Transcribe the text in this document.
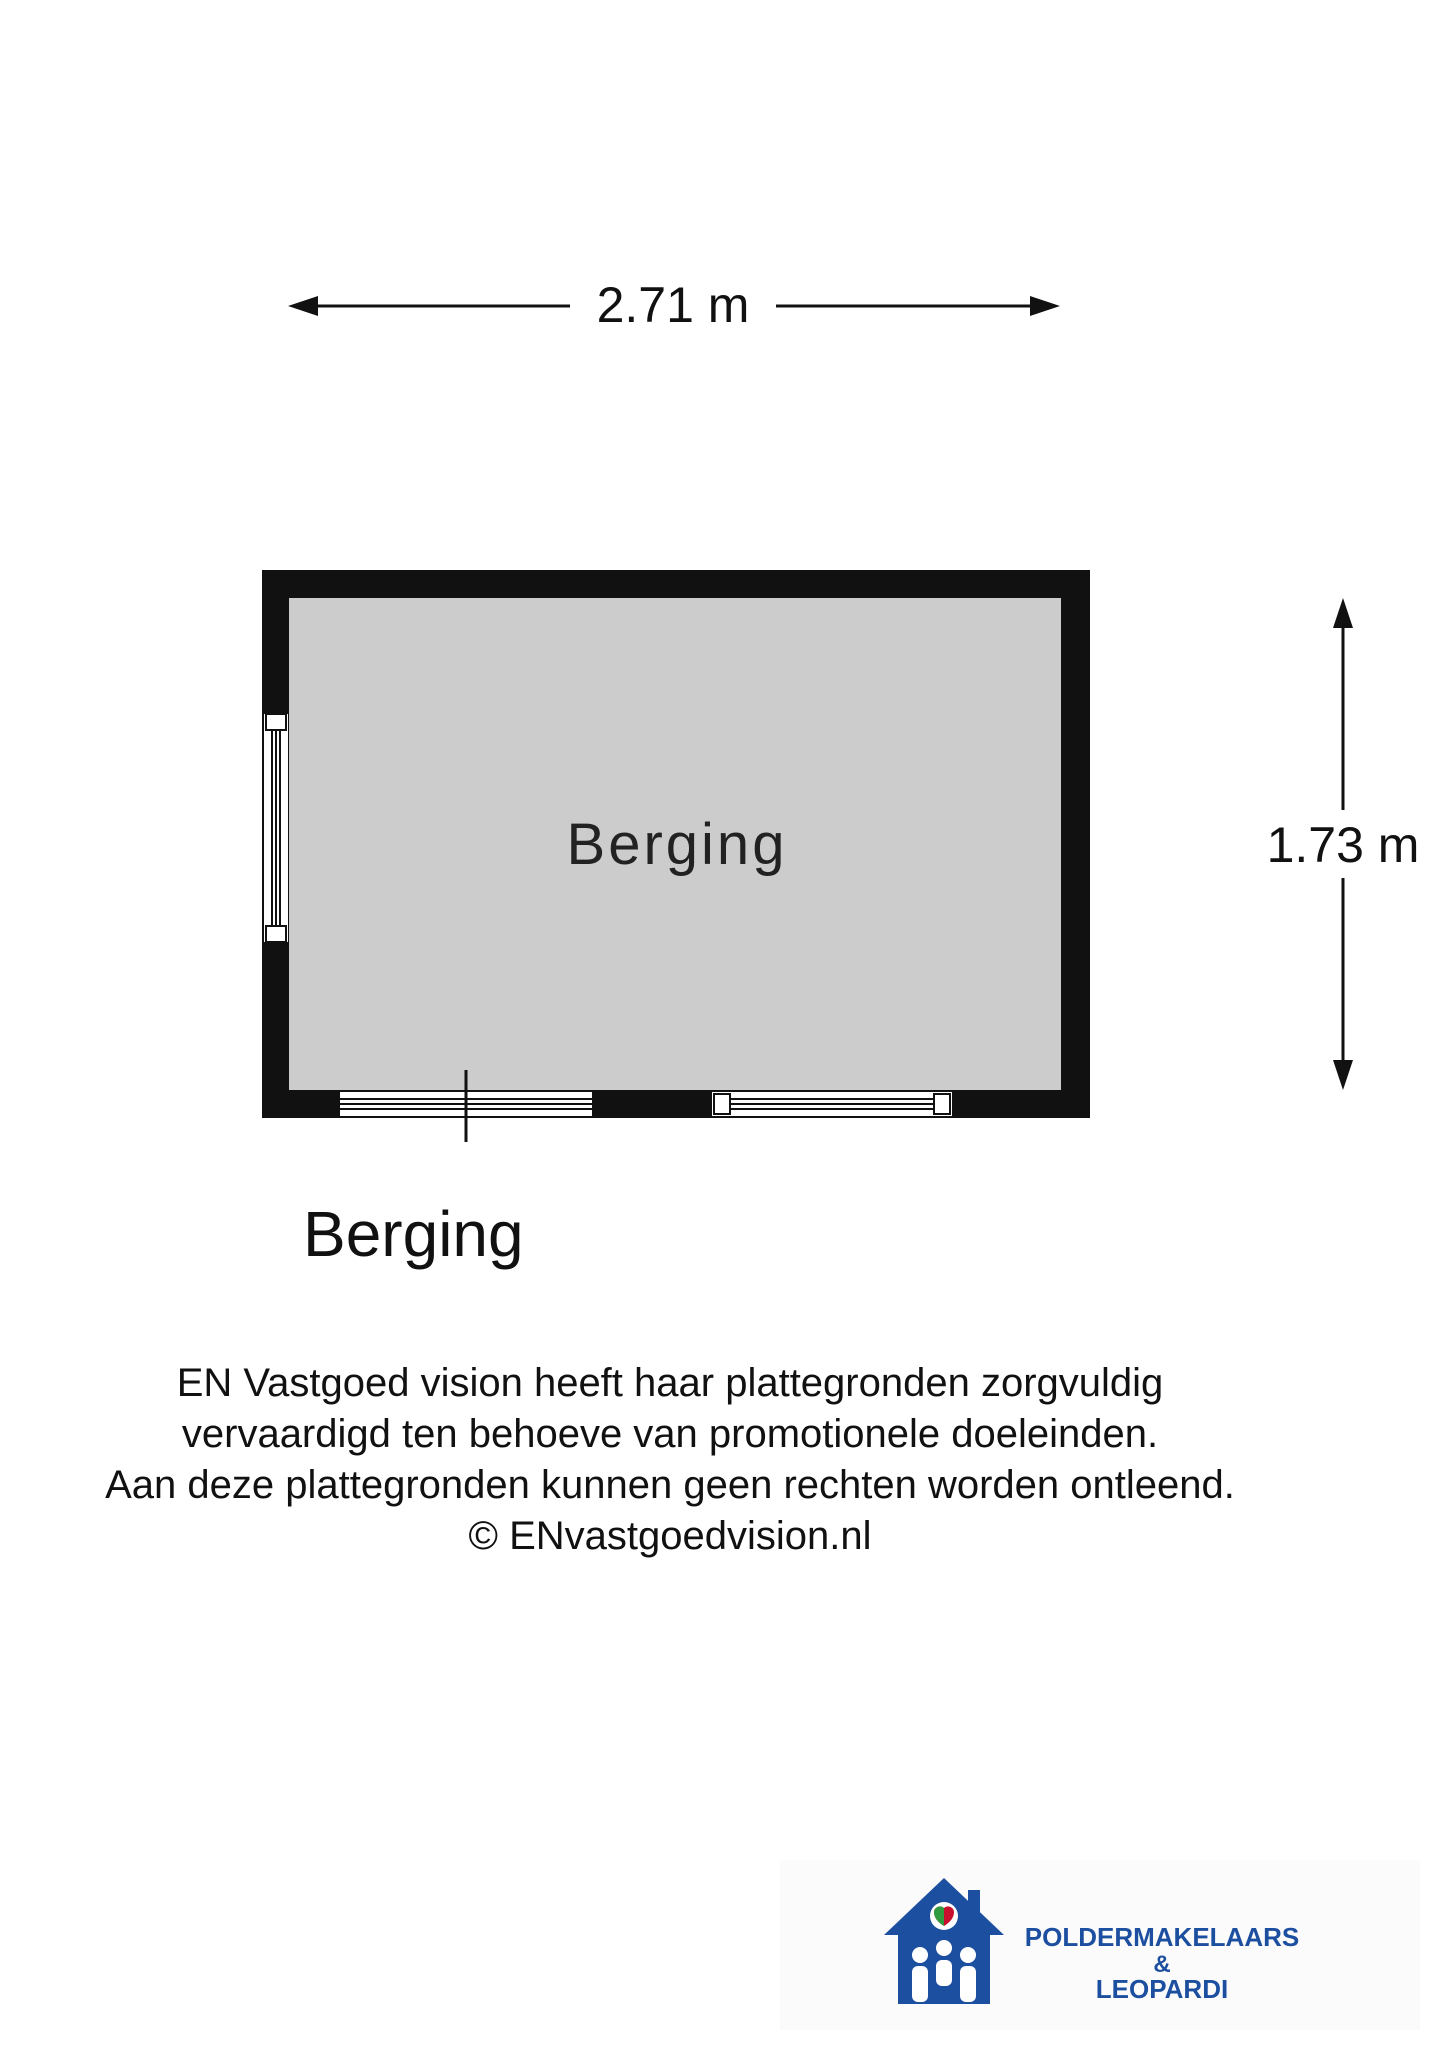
2.71 m
1.73 m
Berging
Berging
POLDERMAKELAARS
&
LEOPARDI
EN Vastgoed vision heeft haar plattegronden zorgvuldig
vervaardigd ten behoeve van promotionele doeleinden.
Aan deze plattegronden kunnen geen rechten worden ontleend.
© ENvastgoedvision.nl
